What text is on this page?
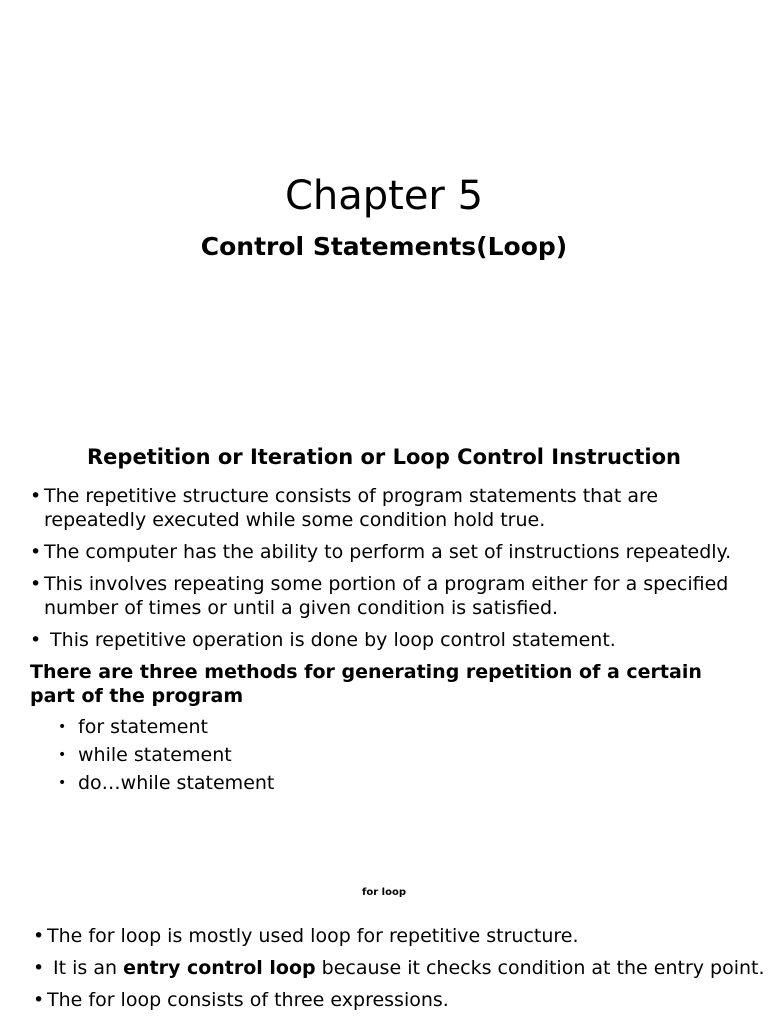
Chapter 5
Control Statements(Loop)
Repetition or Iteration or Loop Control Instruction
• The repetitive structure consists of program statements that are repeatedly executed while some condition hold true.
• The computer has the ability to perform a set of instructions repeatedly.
• This involves repeating some portion of a program either for a specified number of times or until a given condition is satisfied.
• This repetitive operation is done by loop control statement.
There are three methods for generating repetition of a certain part of the program
• for statement
• while statement
• do…while statement
for loop
• The for loop is mostly used loop for repetitive structure.
• It is an entry control loop because it checks condition at the entry point.
• The for loop consists of three expressions.
